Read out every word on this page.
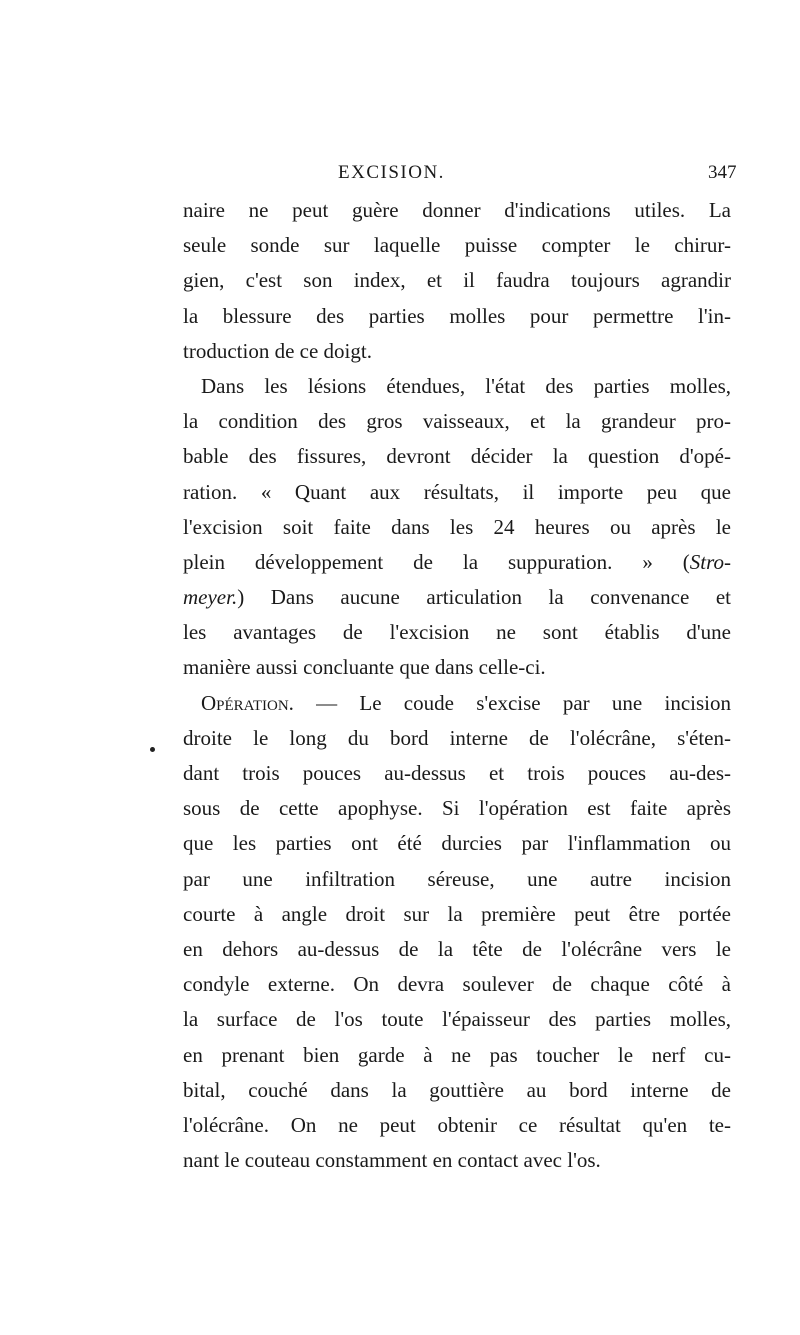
EXCISION.	347
naire ne peut guère donner d'indications utiles. La
seule sonde sur laquelle puisse compter le chirur-
gien, c'est son index, et il faudra toujours agrandir
la blessure des parties molles pour permettre l'in-
troduction de ce doigt.
Dans les lésions étendues, l'état des parties molles,
la condition des gros vaisseaux, et la grandeur pro-
bable des fissures, devront décider la question d'opé-
ration. « Quant aux résultats, il importe peu que
l'excision soit faite dans les 24 heures ou après le
plein développement de la suppuration. » (Stro-
meyer.) Dans aucune articulation la convenance et
les avantages de l'excision ne sont établis d'une
manière aussi concluante que dans celle-ci.
Opération. — Le coude s'excise par une incision
droite le long du bord interne de l'olécrâne, s'éten-
dant trois pouces au-dessus et trois pouces au-des-
sous de cette apophyse. Si l'opération est faite après
que les parties ont été durcies par l'inflammation ou
par une infiltration séreuse, une autre incision
courte à angle droit sur la première peut être portée
en dehors au-dessus de la tête de l'olécrâne vers le
condyle externe. On devra soulever de chaque côté à
la surface de l'os toute l'épaisseur des parties molles,
en prenant bien garde à ne pas toucher le nerf cu-
bital, couché dans la gouttière au bord interne de
l'olécrâne. On ne peut obtenir ce résultat qu'en te-
nant le couteau constamment en contact avec l'os.
